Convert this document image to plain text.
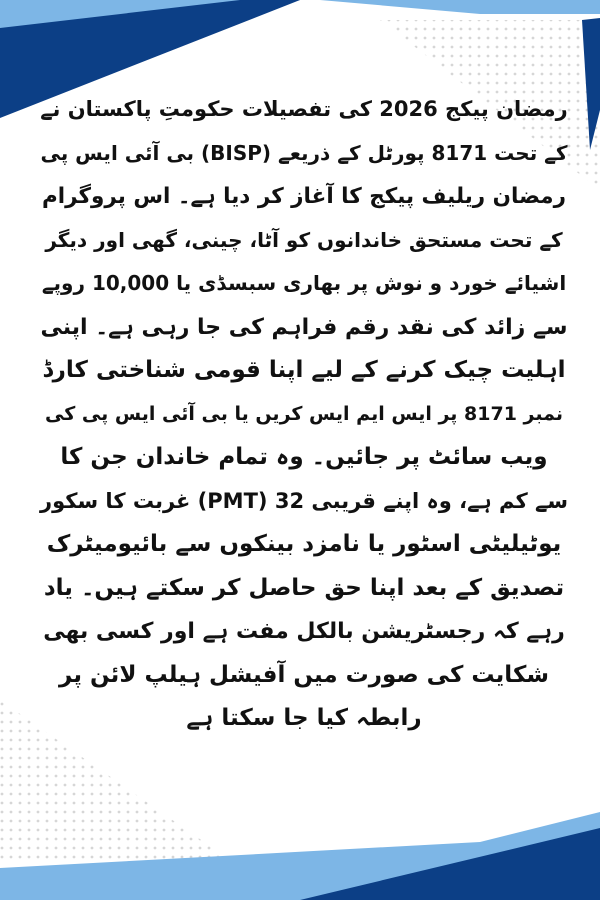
رمضان پیکج 2026 کی تفصیلات حکومتِ پاکستان نے
کے تحت 8171 پورٹل کے ذریعے (BISP) بی آئی ایس پی
رمضان ریلیف پیکج کا آغاز کر دیا ہے۔ اس پروگرام
کے تحت مستحق خاندانوں کو آٹا، چینی، گھی اور دیگر
اشیائے خورد و نوش پر بھاری سبسڈی یا 10,000 روپے
سے زائد کی نقد رقم فراہم کی جا رہی ہے۔ اپنی
اہلیت چیک کرنے کے لیے اپنا قومی شناختی کارڈ
نمبر 8171 پر ایس ایم ایس کریں یا بی آئی ایس پی کی
ویب سائٹ پر جائیں۔ وہ تمام خاندان جن کا
سے کم ہے، وہ اپنے قریبی 32 (PMT) غربت کا سکور
یوٹیلیٹی اسٹور یا نامزد بینکوں سے بائیومیٹرک
تصدیق کے بعد اپنا حق حاصل کر سکتے ہیں۔ یاد
رہے کہ رجسٹریشن بالکل مفت ہے اور کسی بھی
شکایت کی صورت میں آفیشل ہیلپ لائن پر
رابطہ کیا جا سکتا ہے
